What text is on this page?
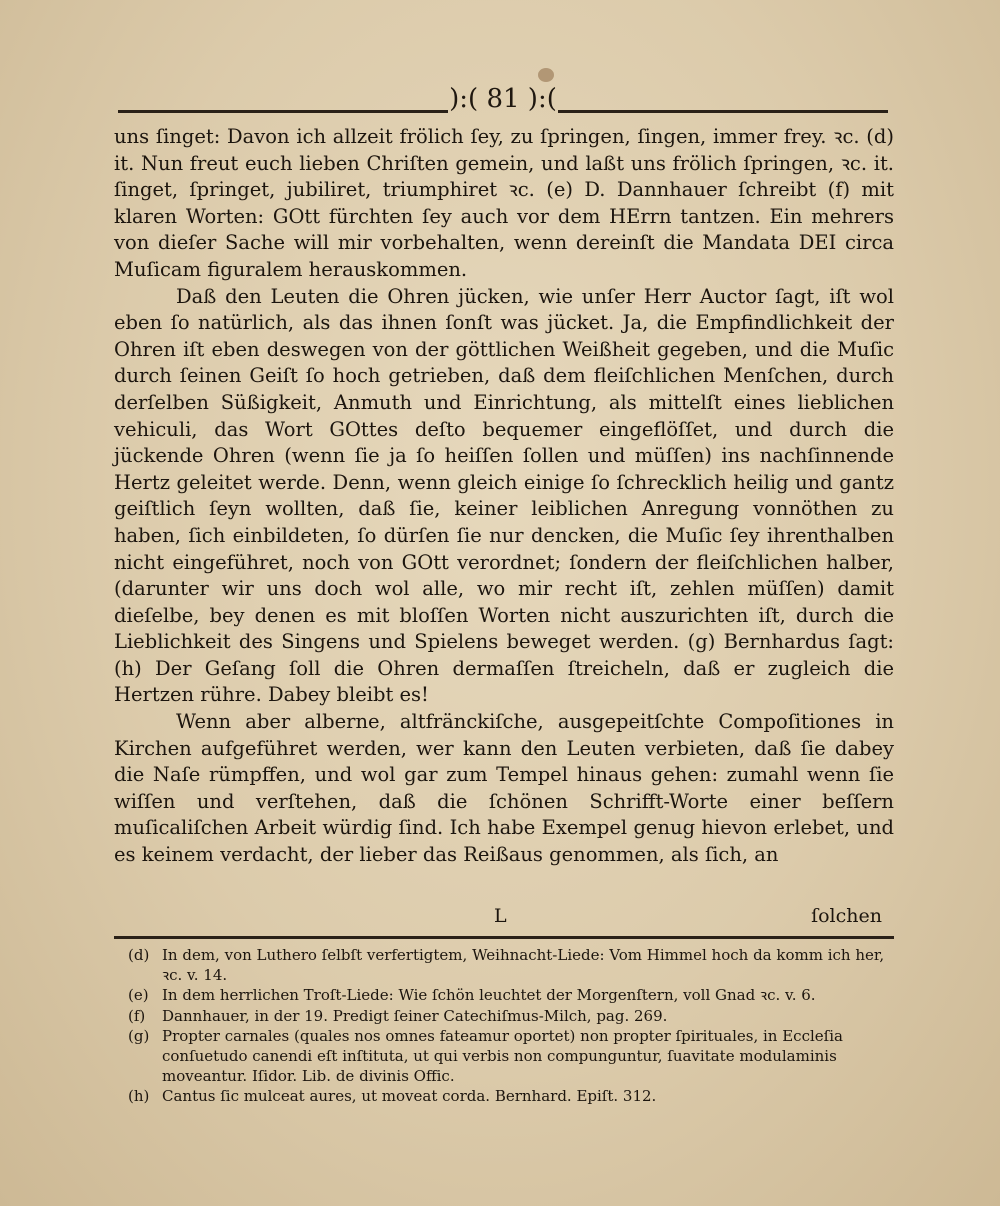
):( 81 ):(

uns ſinget: Davon ich allzeit frölich ſey, zu ſpringen, ſingen, immer frey. ꝛc. (d) it. Nun freut euch lieben Chriſten gemein, und laßt uns frölich ſpringen, ꝛc. it. ſinget, ſpringet, jubiliret, triumphiret ꝛc. (e) D. Dannhauer ſchreibt (f) mit klaren Worten: GOtt fürchten ſey auch vor dem HErrn tantzen. Ein mehrers von dieſer Sache will mir vorbehalten, wenn dereinſt die Mandata DEI circa Muſicam figuralem herauskommen.

Daß den Leuten die Ohren jücken, wie unſer Herr Auctor ſagt, iſt wol eben ſo natürlich, als das ihnen ſonſt was jücket. Ja, die Empfindlichkeit der Ohren iſt eben deswegen von der göttlichen Weißheit gegeben, und die Muſic durch ſeinen Geiſt ſo hoch getrieben, daß dem fleiſchlichen Menſchen, durch derſelben Süßigkeit, Anmuth und Einrichtung, als mittelſt eines lieblichen vehiculi, das Wort GOttes deſto bequemer eingeflöſſet, und durch die jückende Ohren (wenn ſie ja ſo heiſſen ſollen und müſſen) ins nachſinnende Hertz geleitet werde. Denn, wenn gleich einige ſo ſchrecklich heilig und gantz geiſtlich ſeyn wollten, daß ſie, keiner leiblichen Anregung vonnöthen zu haben, ſich einbildeten, ſo dürſen ſie nur dencken, die Muſic ſey ihrenthalben nicht eingeführet, noch von GOtt verordnet; ſondern der fleiſchlichen halber, (darunter wir uns doch wol alle, wo mir recht iſt, zehlen müſſen) damit dieſelbe, bey denen es mit bloſſen Worten nicht auszurichten iſt, durch die Lieblichkeit des Singens und Spielens beweget werden. (g) Bernhardus ſagt: (h) Der Geſang ſoll die Ohren dermaſſen ſtreicheln, daß er zugleich die Hertzen rühre. Dabey bleibt es!

Wenn aber alberne, altfränckiſche, ausgepeitſchte Compoſitiones in Kirchen aufgeführet werden, wer kann den Leuten verbieten, daß ſie dabey die Naſe rümpffen, und wol gar zum Tempel hinaus gehen: zumahl wenn ſie wiſſen und verſtehen, daß die ſchönen Schrifft-Worte einer beſſern muſicaliſchen Arbeit würdig ſind. Ich habe Exempel genug hievon erlebet, und es keinem verdacht, der lieber das Reißaus genommen, als ſich, an

L	ſolchen
(d) In dem, von Luthero ſelbſt verfertigtem, Weihnacht-Liede: Vom Himmel hoch da komm ich her, ꝛc. v. 14.
(e) In dem herrlichen Troſt-Liede: Wie ſchön leuchtet der Morgenſtern, voll Gnad ꝛc. v. 6.
(f) Dannhauer, in der 19. Predigt ſeiner Catechiſmus-Milch, pag. 269.
(g) Propter carnales (quales nos omnes fateamur oportet) non propter ſpirituales, in Eccleſia conſuetudo canendi eſt inſtituta, ut qui verbis non compunguntur, ſuavitate modulaminis moveantur. Iſidor. Lib. de divinis Offic.
(h) Cantus ſic mulceat aures, ut moveat corda. Bernhard. Epiſt. 312.
